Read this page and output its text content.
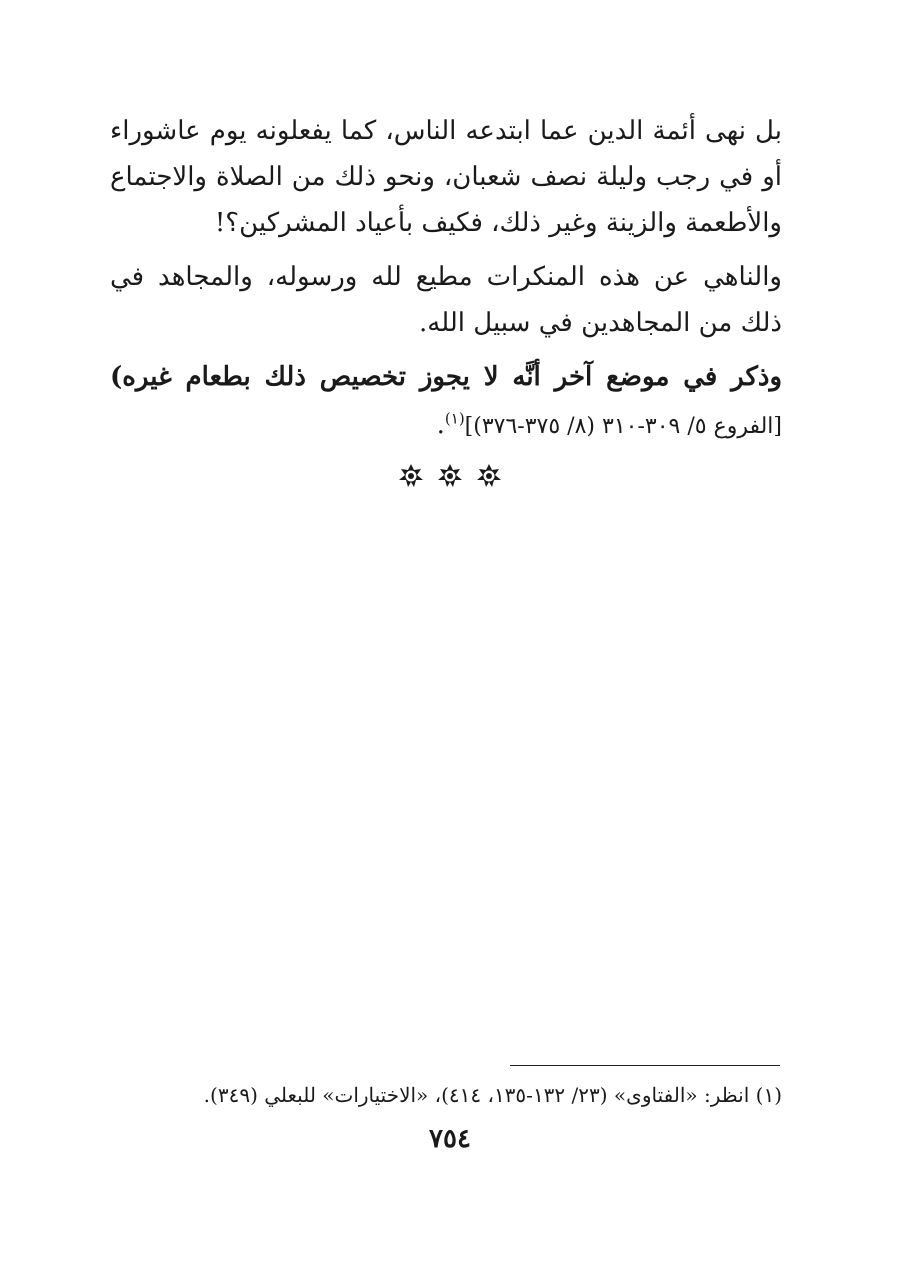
بل نهى أئمة الدين عما ابتدعه الناس، كما يفعلونه يوم عاشوراء أو في رجب وليلة نصف شعبان، ونحو ذلك من الصلاة والاجتماع والأطعمة والزينة وغير ذلك، فكيف بأعياد المشركين؟!

والناهي عن هذه المنكرات مطيع لله ورسوله، والمجاهد في ذلك من المجاهدين في سبيل الله.

وذكر في موضع آخر أنَّه لا يجوز تخصيص ذلك بطعام غيره) [الفروع ٥/ ٣٠٩-٣١٠ (٨/ ٣٧٥-٣٧٦)]$^{(١)}$.

(١) انظر: «الفتاوى» (٢٣/ ١٣٢-١٣٥، ٤١٤)، «الاختيارات» للبعلي (٣٤٩).
٧٥٤
